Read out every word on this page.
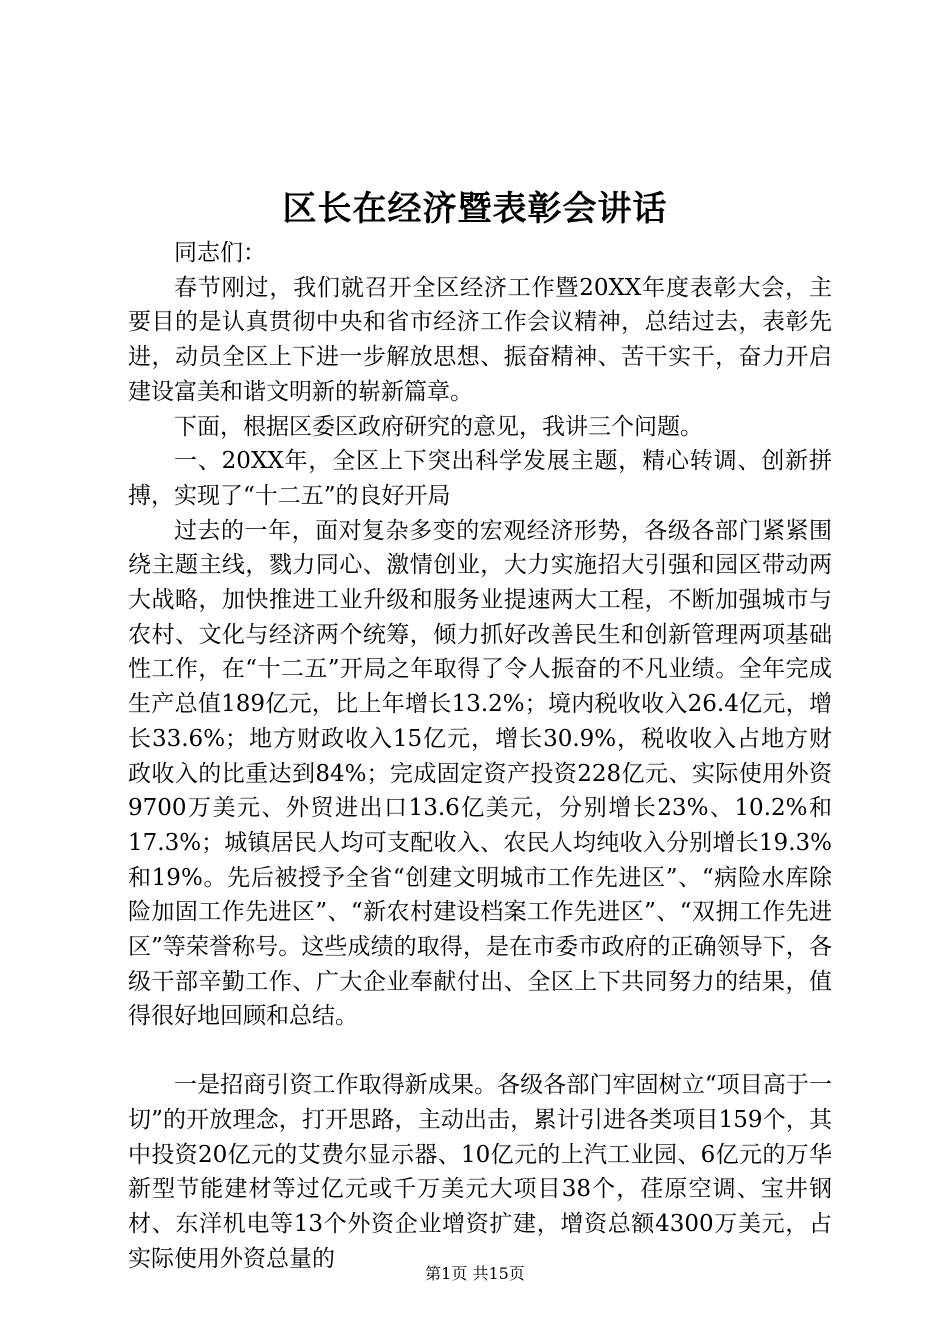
区长在经济暨表彰会讲话

同志们：

春节刚过，我们就召开全区经济工作暨20XX年度表彰大会，主要目的是认真贯彻中央和省市经济工作会议精神，总结过去，表彰先进，动员全区上下进一步解放思想、振奋精神、苦干实干，奋力开启建设富美和谐文明新的崭新篇章。

下面，根据区委区政府研究的意见，我讲三个问题。

一、20XX年，全区上下突出科学发展主题，精心转调、创新拼搏，实现了“十二五”的良好开局

过去的一年，面对复杂多变的宏观经济形势，各级各部门紧紧围绕主题主线，戮力同心、激情创业，大力实施招大引强和园区带动两大战略，加快推进工业升级和服务业提速两大工程，不断加强城市与农村、文化与经济两个统筹，倾力抓好改善民生和创新管理两项基础性工作，在“十二五”开局之年取得了令人振奋的不凡业绩。全年完成生产总值189亿元，比上年增长13.2%；境内税收收入26.4亿元，增长33.6%；地方财政收入15亿元，增长30.9%，税收收入占地方财政收入的比重达到84%；完成固定资产投资228亿元、实际使用外资9700万美元、外贸进出口13.6亿美元，分别增长23%、10.2%和17.3%；城镇居民人均可支配收入、农民人均纯收入分别增长19.3%和19%。先后被授予全省“创建文明城市工作先进区”、“病险水库除险加固工作先进区”、“新农村建设档案工作先进区”、“双拥工作先进区”等荣誉称号。这些成绩的取得，是在市委市政府的正确领导下，各级干部辛勤工作、广大企业奉献付出、全区上下共同努力的结果，值得很好地回顾和总结。

一是招商引资工作取得新成果。各级各部门牢固树立“项目高于一切”的开放理念，打开思路，主动出击，累计引进各类项目159个，其中投资20亿元的艾费尔显示器、10亿元的上汽工业园、6亿元的万华新型节能建材等过亿元或千万美元大项目38个，荏原空调、宝井钢材、东洋机电等13个外资企业增资扩建，增资总额4300万美元，占实际使用外资总量的

第1页 共15页
